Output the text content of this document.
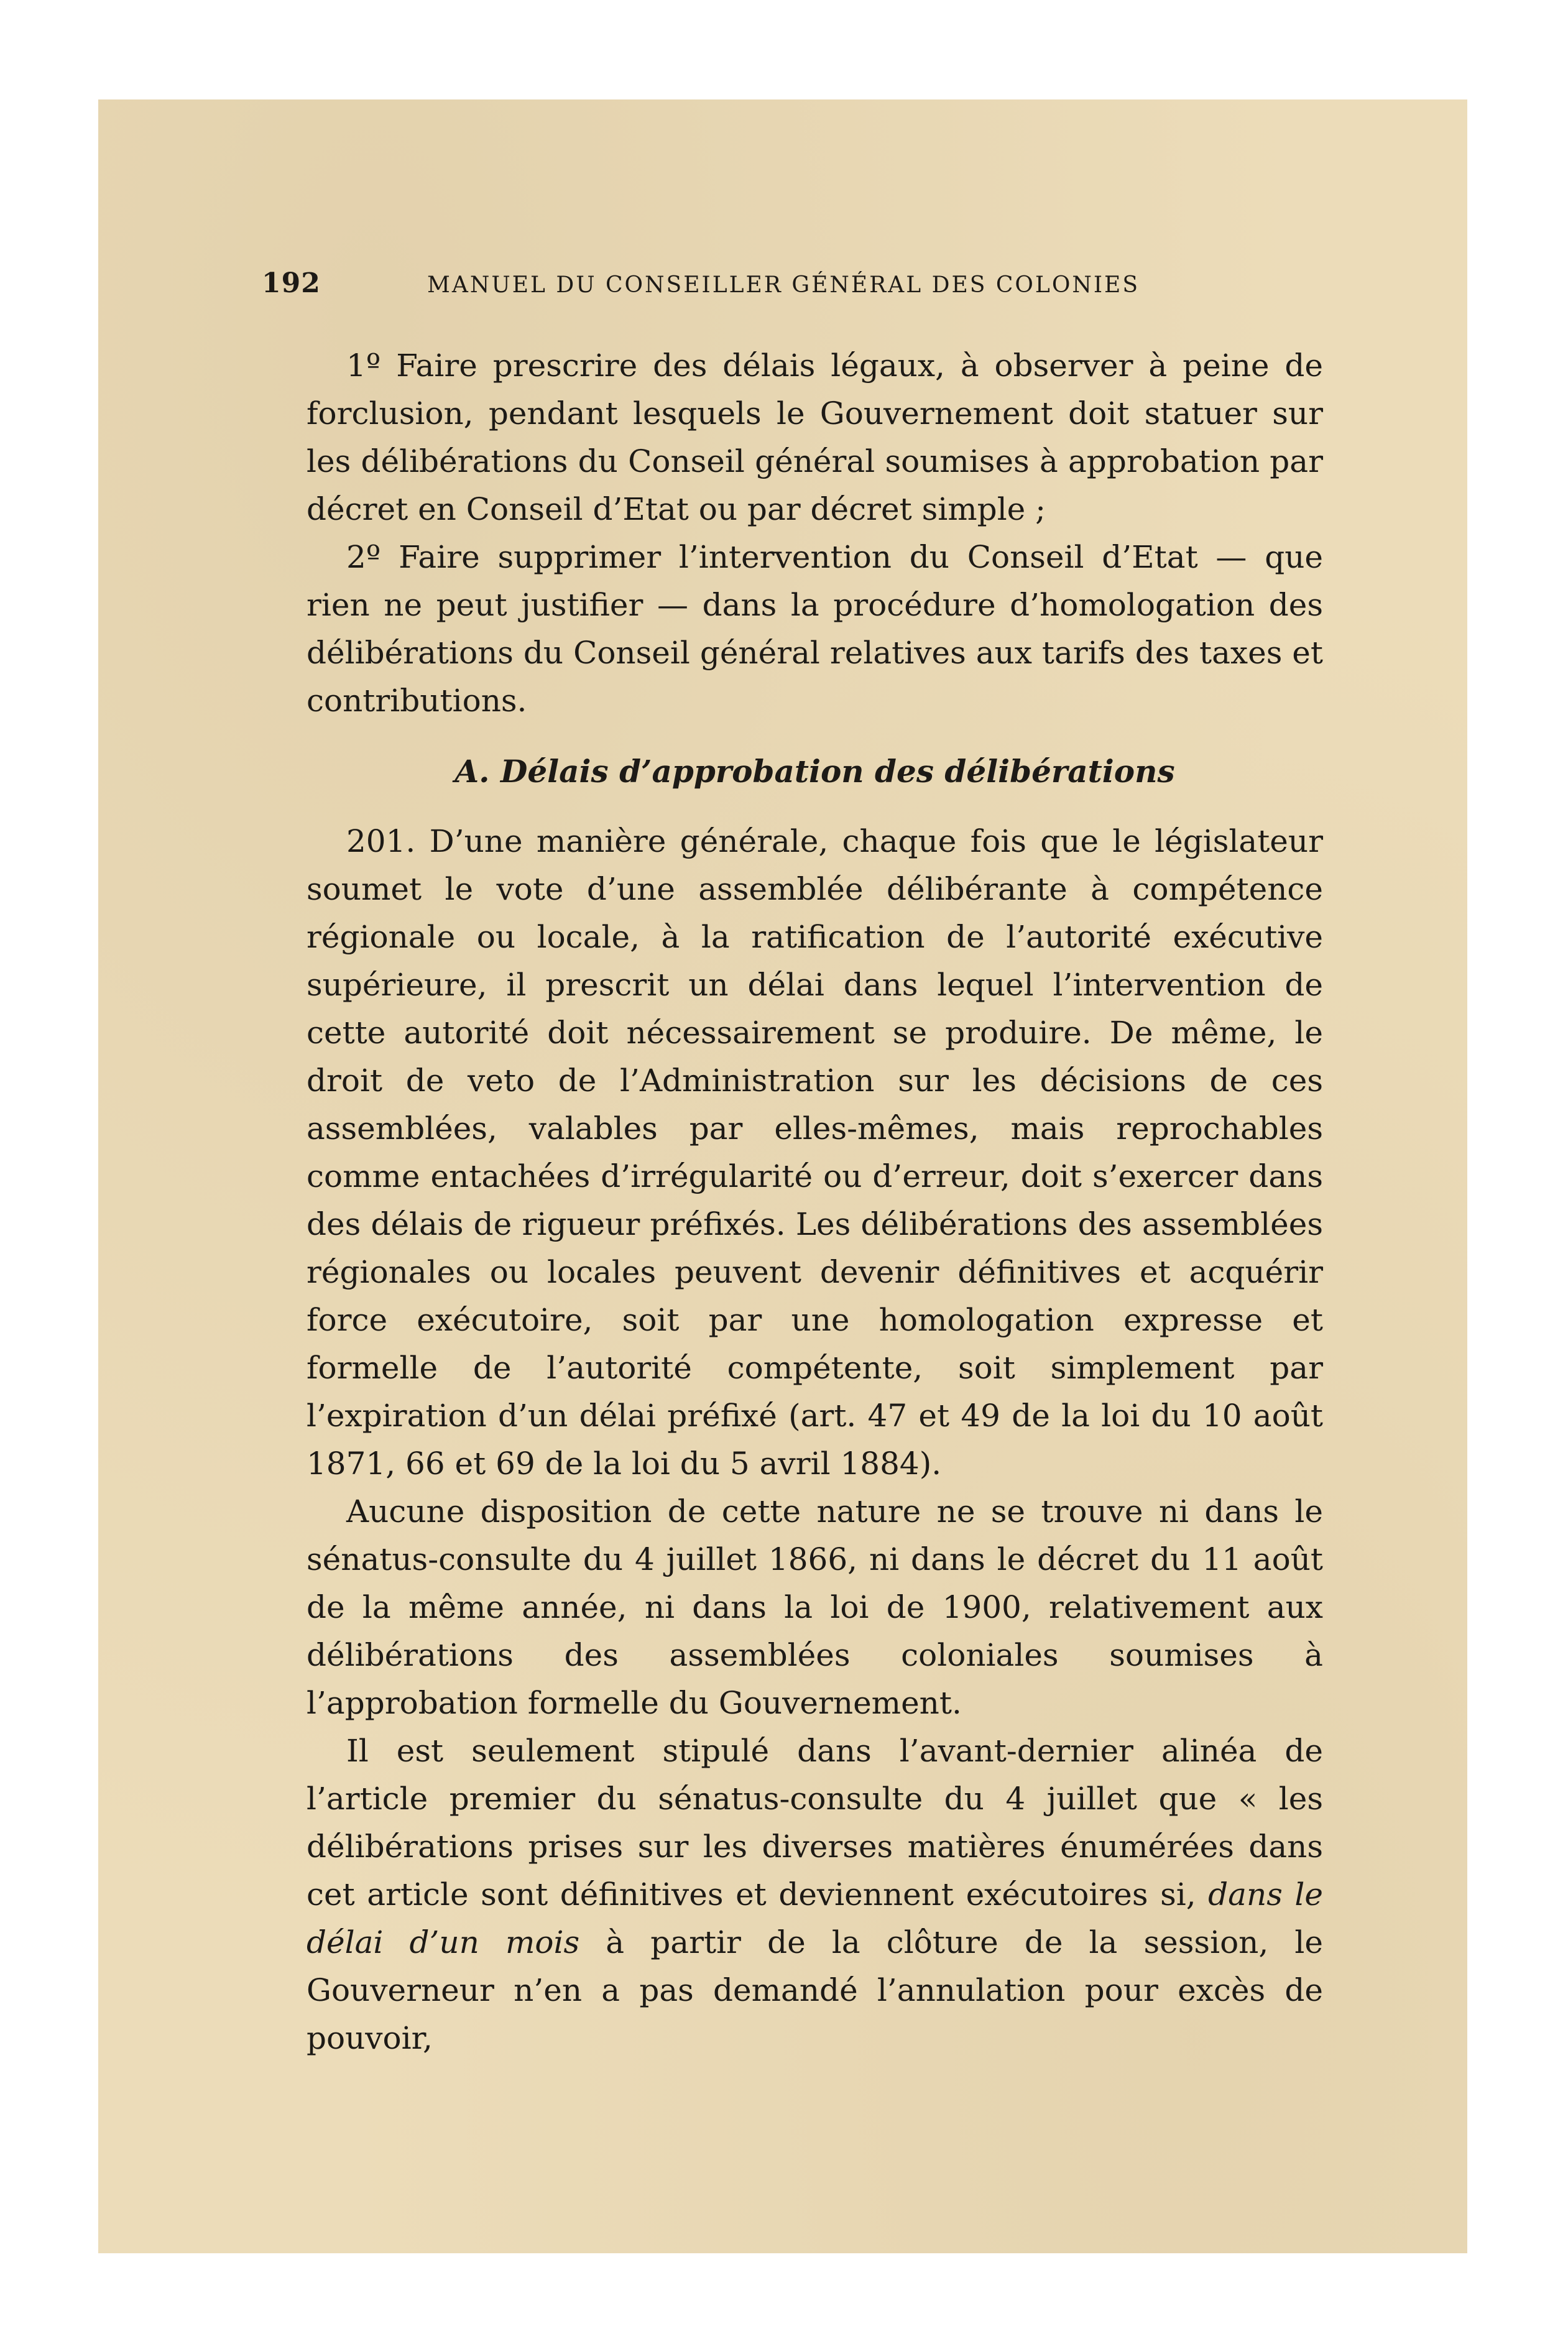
192	MANUEL DU CONSEILLER GÉNÉRAL DES COLONIES

1º Faire prescrire des délais légaux, à observer à peine de forclusion, pendant lesquels le Gouvernement doit statuer sur les délibérations du Conseil général soumises à approbation par décret en Conseil d’Etat ou par décret simple ;

2º Faire supprimer l’intervention du Conseil d’Etat — que rien ne peut justifier — dans la procédure d’homologation des délibérations du Conseil général relatives aux tarifs des taxes et contributions.

A. Délais d’approbation des délibérations

201. D’une manière générale, chaque fois que le législateur soumet le vote d’une assemblée délibérante à compétence régionale ou locale, à la ratification de l’autorité exécutive supérieure, il prescrit un délai dans lequel l’intervention de cette autorité doit nécessairement se produire. De même, le droit de veto de l’Administration sur les décisions de ces assemblées, valables par elles-mêmes, mais reprochables comme entachées d’irrégularité ou d’erreur, doit s’exercer dans des délais de rigueur préfixés. Les délibérations des assemblées régionales ou locales peuvent devenir définitives et acquérir force exécutoire, soit par une homologation expresse et formelle de l’autorité compétente, soit simplement par l’expiration d’un délai préfixé (art. 47 et 49 de la loi du 10 août 1871, 66 et 69 de la loi du 5 avril 1884).

Aucune disposition de cette nature ne se trouve ni dans le sénatus-consulte du 4 juillet 1866, ni dans le décret du 11 août de la même année, ni dans la loi de 1900, relativement aux délibérations des assemblées coloniales soumises à l’approbation formelle du Gouvernement.

Il est seulement stipulé dans l’avant-dernier alinéa de l’article premier du sénatus-consulte du 4 juillet que « les délibérations prises sur les diverses matières énumérées dans cet article sont définitives et deviennent exécutoires si, dans le délai d’un mois à partir de la clôture de la session, le Gouverneur n’en a pas demandé l’annulation pour excès de pouvoir,
